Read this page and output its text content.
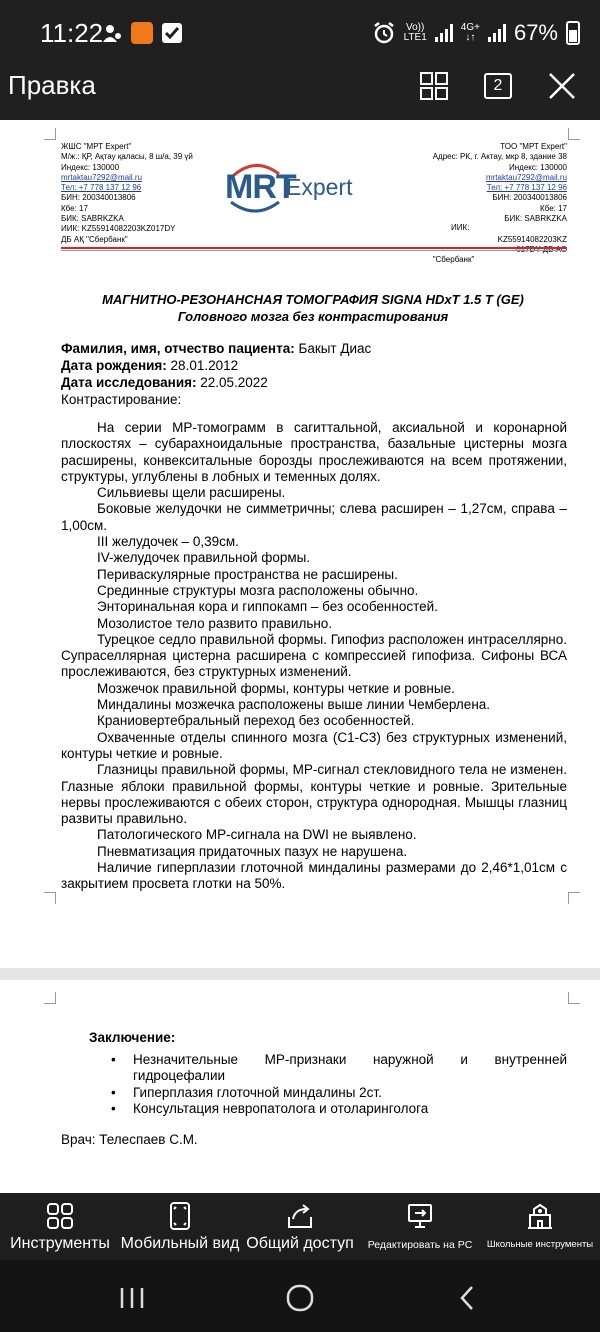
11:22	Vo))
LTE1
4G+
↓↑ 67%
Правка	2
ЖШС "МРТ Expert"
М/ж.: ҚР, Ақтау қаласы, 8 ш/а, 39 үй
Индекс: 130000
mrtaktau7292@mail.ru
Тел: +7 778 137 12 96
БИН: 200340013806
Кбе: 17
БИК: SABRKZKA
ИИК: KZ55914082203KZ017DY
ДБ АҚ "Сбербанк"
MRT
Expert
ТОО "МРТ Expert"
Адрес: РК, г. Актау, мкр 8, здание 38
Индекс: 130000
mrtaktau7292@mail.ru
Тел: +7 778 137 12 96
БИН: 200340013806
Кбе: 17
БИК: SABRKZKA
KZ55914082203KZ
"Сбербанк"
ИИК:
МАГНИТНО-РЕЗОНАНСНАЯ ТОМОГРАФИЯ SIGNA HDxT 1.5 T (GE)
Головного мозга без контрастирования
Фамилия, имя, отчество пациента: Бакыт Диас
Дата рождения: 28.01.2012
Дата исследования: 22.05.2022
Контрастирование:

На серии МР-томограмм в сагиттальной, аксиальной и коронарной плоскостях – субарахноидальные пространства, базальные цистерны мозга расширены, конвекситальные борозды прослеживаются на всем протяжении, структуры, углублены в лобных и теменных долях.

Сильвиевы щели расширены.

Боковые желудочки не симметричны; слева расширен – 1,27см, справа – 1,00см.

III желудочек – 0,39см.

IV-желудочек правильной формы.

Периваскулярные пространства не расширены.

Срединные структуры мозга расположены обычно.

Энторинальная кора и гиппокамп – без особенностей.

Мозолистое тело развито правильно.

Турецкое седло правильной формы. Гипофиз расположен интраселлярно. Супраселлярная цистерна расширена с компрессией гипофиза. Сифоны ВСА прослеживаются, без структурных изменений.

Мозжечок правильной формы, контуры четкие и ровные.

Миндалины мозжечка расположены выше линии Чемберлена.

Краниовертебральный переход без особенностей.

Охваченные отделы спинного мозга (С1-С3) без структурных изменений, контуры четкие и ровные.

Глазницы правильной формы, МР-сигнал стекловидного тела не изменен. Глазные яблоки правильной формы, контуры четкие и ровные. Зрительные нервы прослеживаются с обеих сторон, структура однородная. Мышцы глазниц развиты правильно.

Патологического МР-сигнала на DWI не выявлено.

Пневматизация придаточных пазух не нарушена.

Наличие гиперплазии глоточной миндалины размерами до 2,46*1,01см с закрытием просвета глотки на 50%.

Заключение:
• Незначительные МР-признаки наружной и внутренней гидроцефалии
• Гиперплазия глоточной миндалины 2ст.
• Консультация невропатолога и отоларинголога
Врач: Телеспаев С.М.
Инструменты Мобильный вид Общий доступ	Редактировать на PC	Школьные инструменты
